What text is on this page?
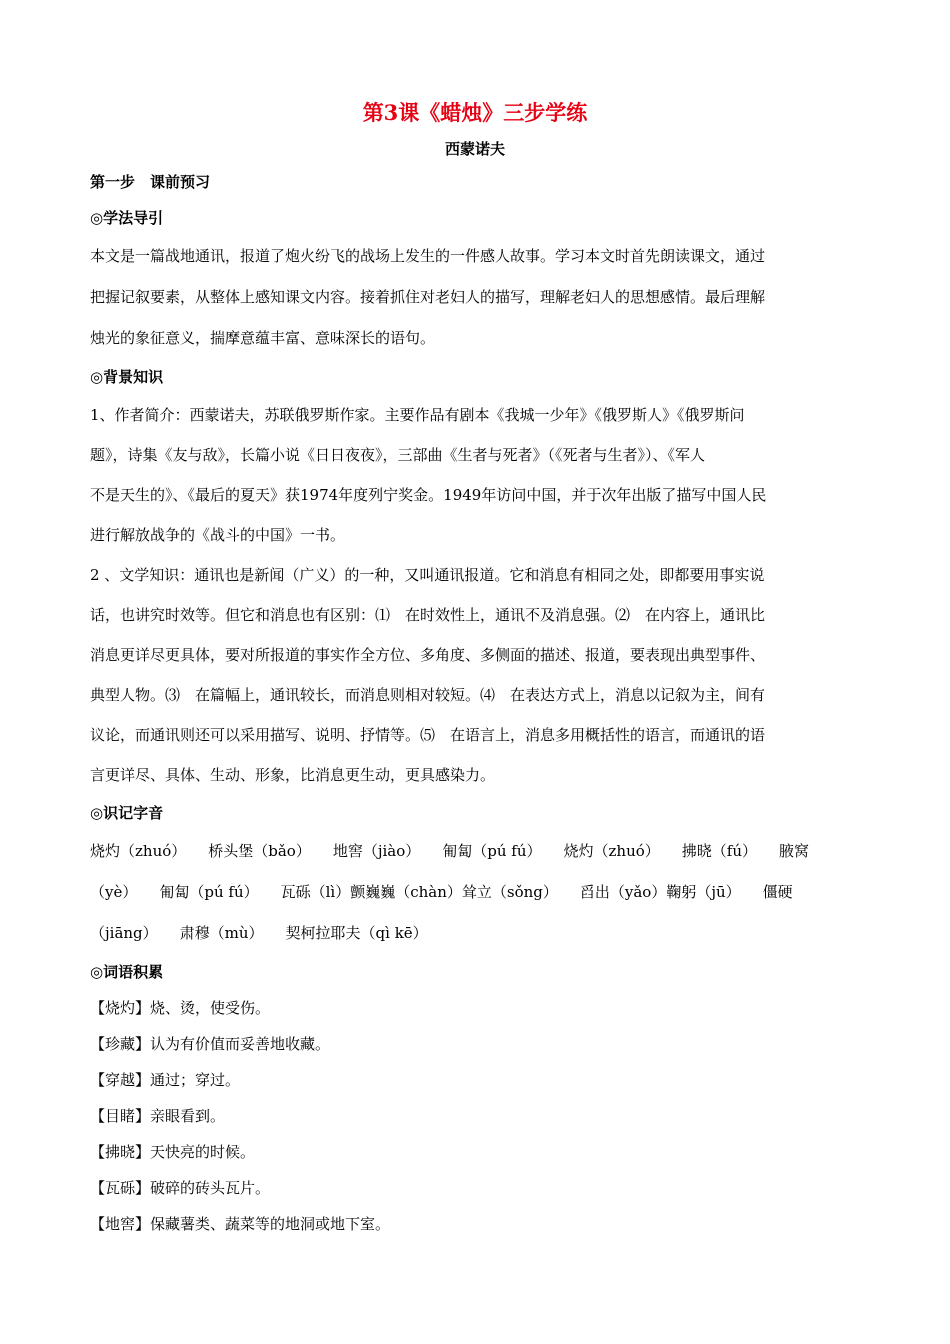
第3课《蜡烛》三步学练

西蒙诺夫

第一步　课前预习

◎学法导引

本文是一篇战地通讯，报道了炮火纷飞的战场上发生的一件感人故事。学习本文时首先朗读课文，通过

把握记叙要素，从整体上感知课文内容。接着抓住对老妇人的描写，理解老妇人的思想感情。最后理解

烛光的象征意义，揣摩意蕴丰富、意味深长的语句。

◎背景知识

1、作者简介：西蒙诺夫，苏联俄罗斯作家。主要作品有剧本《我城一少年》《俄罗斯人》《俄罗斯问

题》，诗集《友与敌》，长篇小说《日日夜夜》，三部曲《生者与死者》（《死者与生者》）、《军人

不是天生的》、《最后的夏天》获1974年度列宁奖金。1949年访问中国，并于次年出版了描写中国人民

进行解放战争的《战斗的中国》一书。

2 、文学知识：通讯也是新闻（广义）的一种，又叫通讯报道。它和消息有相同之处，即都要用事实说

话，也讲究时效等。但它和消息也有区别：⑴　在时效性上，通讯不及消息强。⑵　在内容上，通讯比

消息更详尽更具体，要对所报道的事实作全方位、多角度、多侧面的描述、报道，要表现出典型事件、

典型人物。⑶　在篇幅上，通讯较长，而消息则相对较短。⑷　在表达方式上，消息以记叙为主，间有

议论，而通讯则还可以采用描写、说明、抒情等。⑸　在语言上，消息多用概括性的语言，而通讯的语

言更详尽、具体、生动、形象，比消息更生动，更具感染力。

◎识记字音

烧灼（zhuó） 桥头堡（bǎo） 地窖（jiào） 匍匐（pú fú） 烧灼（zhuó） 拂晓（fú） 腋窝

（yè） 匍匐（pú fú） 瓦砾（lì）颤巍巍（chàn）耸立（sǒng） 舀出（yǎo）鞠躬（jū） 僵硬

（jiāng） 肃穆（mù） 契柯拉耶夫（qì kē）

◎词语积累

【烧灼】烧、烫，使受伤。

【珍藏】认为有价值而妥善地收藏。

【穿越】通过；穿过。

【目睹】亲眼看到。

【拂晓】天快亮的时候。

【瓦砾】破碎的砖头瓦片。

【地窖】保藏薯类、蔬菜等的地洞或地下室。
